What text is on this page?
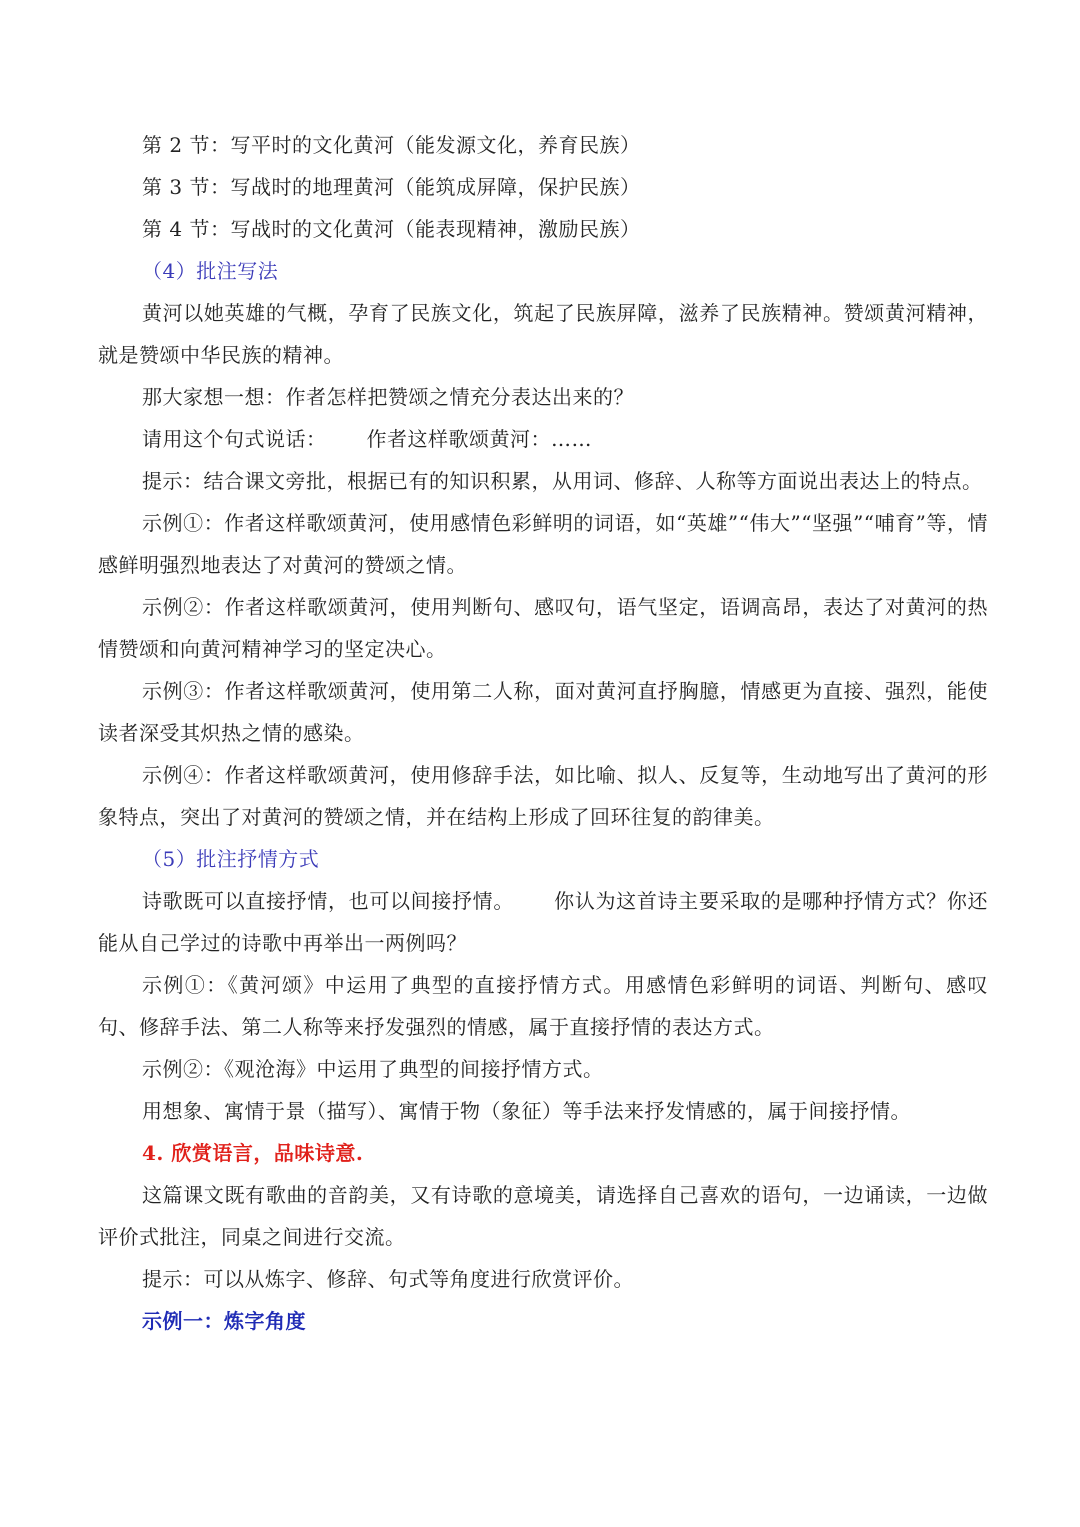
第 2 节：写平时的文化黄河（能发源文化，养育民族）

第 3 节：写战时的地理黄河（能筑成屏障，保护民族）

第 4 节：写战时的文化黄河（能表现精神，激励民族）

（4）批注写法

黄河以她英雄的气概，孕育了民族文化，筑起了民族屏障，滋养了民族精神。赞颂黄河精神，就是赞颂中华民族的精神。

那大家想一想：作者怎样把赞颂之情充分表达出来的？

请用这个句式说话： 作者这样歌颂黄河：……

提示：结合课文旁批，根据已有的知识积累，从用词、修辞、人称等方面说出表达上的特点。

示例①：作者这样歌颂黄河，使用感情色彩鲜明的词语，如“英雄”“伟大”“坚强”“哺育”等，情感鲜明强烈地表达了对黄河的赞颂之情。

示例②：作者这样歌颂黄河，使用判断句、感叹句，语气坚定，语调高昂，表达了对黄河的热情赞颂和向黄河精神学习的坚定决心。

示例③：作者这样歌颂黄河，使用第二人称，面对黄河直抒胸臆，情感更为直接、强烈，能使读者深受其炽热之情的感染。

示例④：作者这样歌颂黄河，使用修辞手法，如比喻、拟人、反复等，生动地写出了黄河的形象特点，突出了对黄河的赞颂之情，并在结构上形成了回环往复的韵律美。

（5）批注抒情方式

诗歌既可以直接抒情，也可以间接抒情。 你认为这首诗主要采取的是哪种抒情方式？你还能从自己学过的诗歌中再举出一两例吗？

示例①：《黄河颂》中运用了典型的直接抒情方式。用感情色彩鲜明的词语、判断句、感叹句、修辞手法、第二人称等来抒发强烈的情感，属于直接抒情的表达方式。

示例②：《观沧海》中运用了典型的间接抒情方式。

用想象、寓情于景（描写）、寓情于物（象征）等手法来抒发情感的，属于间接抒情。

4. 欣赏语言，品味诗意.

这篇课文既有歌曲的音韵美，又有诗歌的意境美，请选择自己喜欢的语句，一边诵读，一边做评价式批注，同桌之间进行交流。

提示：可以从炼字、修辞、句式等角度进行欣赏评价。

示例一：炼字角度
